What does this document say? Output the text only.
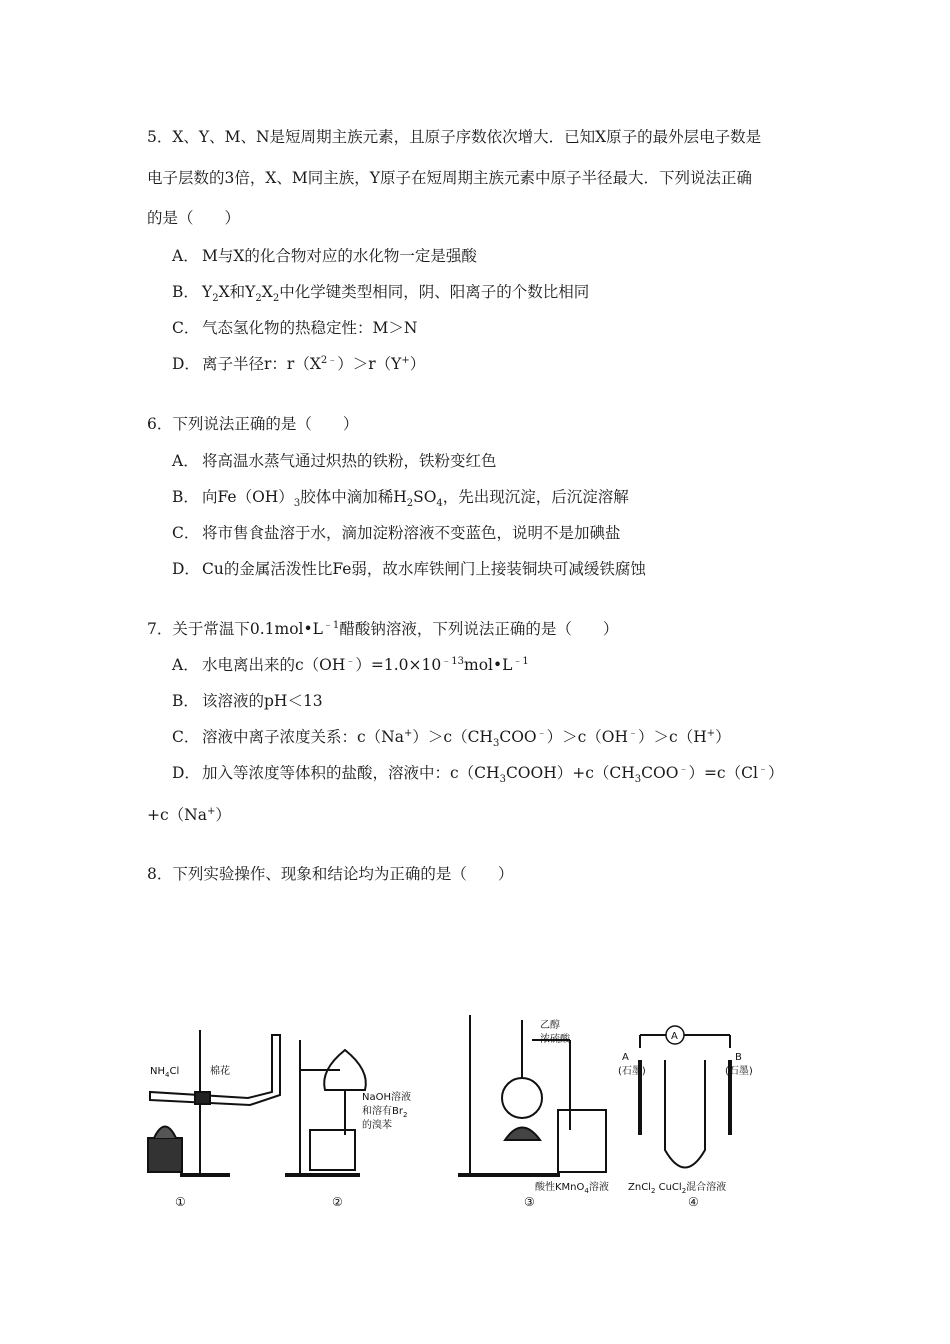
5．X、Y、M、N是短周期主族元素，且原子序数依次增大．已知X原子的最外层电子数是
电子层数的3倍，X、M同主族，Y原子在短周期主族元素中原子半径最大．下列说法正确
的是（　　）
A． M与X的化合物对应的水化物一定是强酸
B． $Y_2X$和$Y_2X_2$中化学键类型相同，阴、阳离子的个数比相同
C． 气态氢化物的热稳定性：M＞N
D． 离子半径r：$r(X^{2﹣})>r(Y^+)$
6．下列说法正确的是（　　）
A． 将高温水蒸气通过炽热的铁粉，铁粉变红色
B． 向$Fe(OH)_3$胶体中滴加稀$H_2SO_4$，先出现沉淀，后沉淀溶解
C． 将市售食盐溶于水，滴加淀粉溶液不变蓝色，说明不是加碘盐
D． Cu的金属活泼性比Fe弱，故水库铁闸门上接装铜块可减缓铁腐蚀
7．关于常温下$0.1mol•L^{﹣1}$醋酸钠溶液，下列说法正确的是（　　）
A． 水电离出来的$c(OH^﹣)=1.0\times 10^{﹣13}mol•L^{﹣1}$
B． 该溶液的pH＜13
C． 溶液中离子浓度关系：$c(Na^+)>c(CH_3COO^﹣)>c(OH^﹣)>c(H^+)$
D． 加入等浓度等体积的盐酸，溶液中：$c(CH_3COOH)+c(CH_3COO^﹣)=c(Cl^﹣)$
+c（Na+）
8．下列实验操作、现象和结论均为正确的是（　　）
$NH_4Cl$	棉花
NaOH溶液
和溶有$Br_2$
的溴苯
乙醇
浓硫酸
酸性KMnO$_4$溶液
A
A
(石墨)
B
(石墨)
ZnCl$_2$ CuCl$_2$混合溶液
①	②	③	④
